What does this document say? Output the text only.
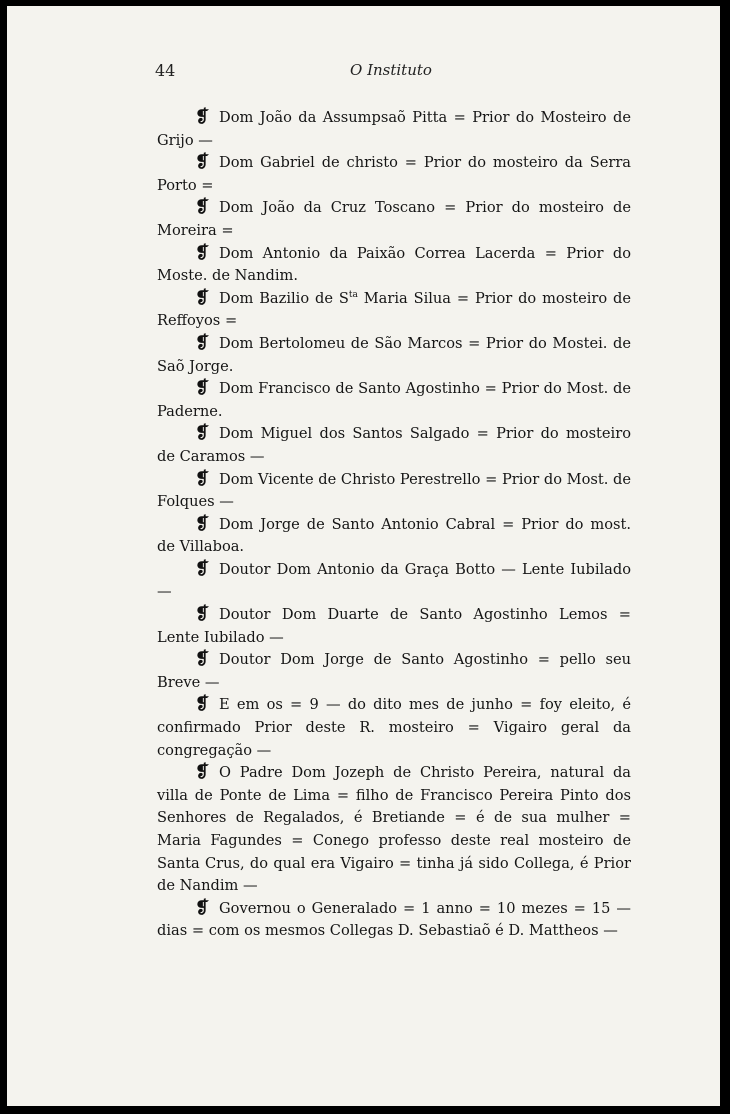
44	O Instituto

❡ Dom João da Assumpsaõ Pitta = Prior do Mosteiro de Grijo —

❡ Dom Gabriel de christo = Prior do mosteiro da Serra Porto =

❡ Dom João da Cruz Toscano = Prior do mosteiro de Moreira =

❡ Dom Antonio da Paixão Correa Lacerda = Prior do Moste. de Nandim.

❡ Dom Bazilio de $S^{ta}$ Maria Silua = Prior do mosteiro de Reffoyos =

❡ Dom Bertolomeu de São Marcos = Prior do Mostei. de Saõ Jorge.

❡ Dom Francisco de Santo Agostinho = Prior do Most. de Paderne.

❡ Dom Miguel dos Santos Salgado = Prior do mosteiro de Caramos —

❡ Dom Vicente de Christo Perestrello = Prior do Most. de Folques —

❡ Dom Jorge de Santo Antonio Cabral = Prior do most. de Villaboa.

❡ Doutor Dom Antonio da Graça Botto — Lente Iubilado —

❡ Doutor Dom Duarte de Santo Agostinho Lemos = Lente Iubilado —

❡ Doutor Dom Jorge de Santo Agostinho = pello seu Breve —

❡ E em os = 9 — do dito mes de junho = foy eleito, é confirmado Prior deste R. mosteiro = Vigairo geral da congregação —

❡ O Padre Dom Jozeph de Christo Pereira, natural da villa de Ponte de Lima = filho de Francisco Pereira Pinto dos Senhores de Regalados, é Bretiande = é de sua mulher = Maria Fagundes = Conego professo deste real mosteiro de Santa Crus, do qual era Vigairo = tinha já sido Collega, é Prior de Nandim —

❡ Governou o Generalado = 1 anno = 10 mezes = 15 — dias = com os mesmos Collegas D. Sebastiaõ é D. Mattheos —
